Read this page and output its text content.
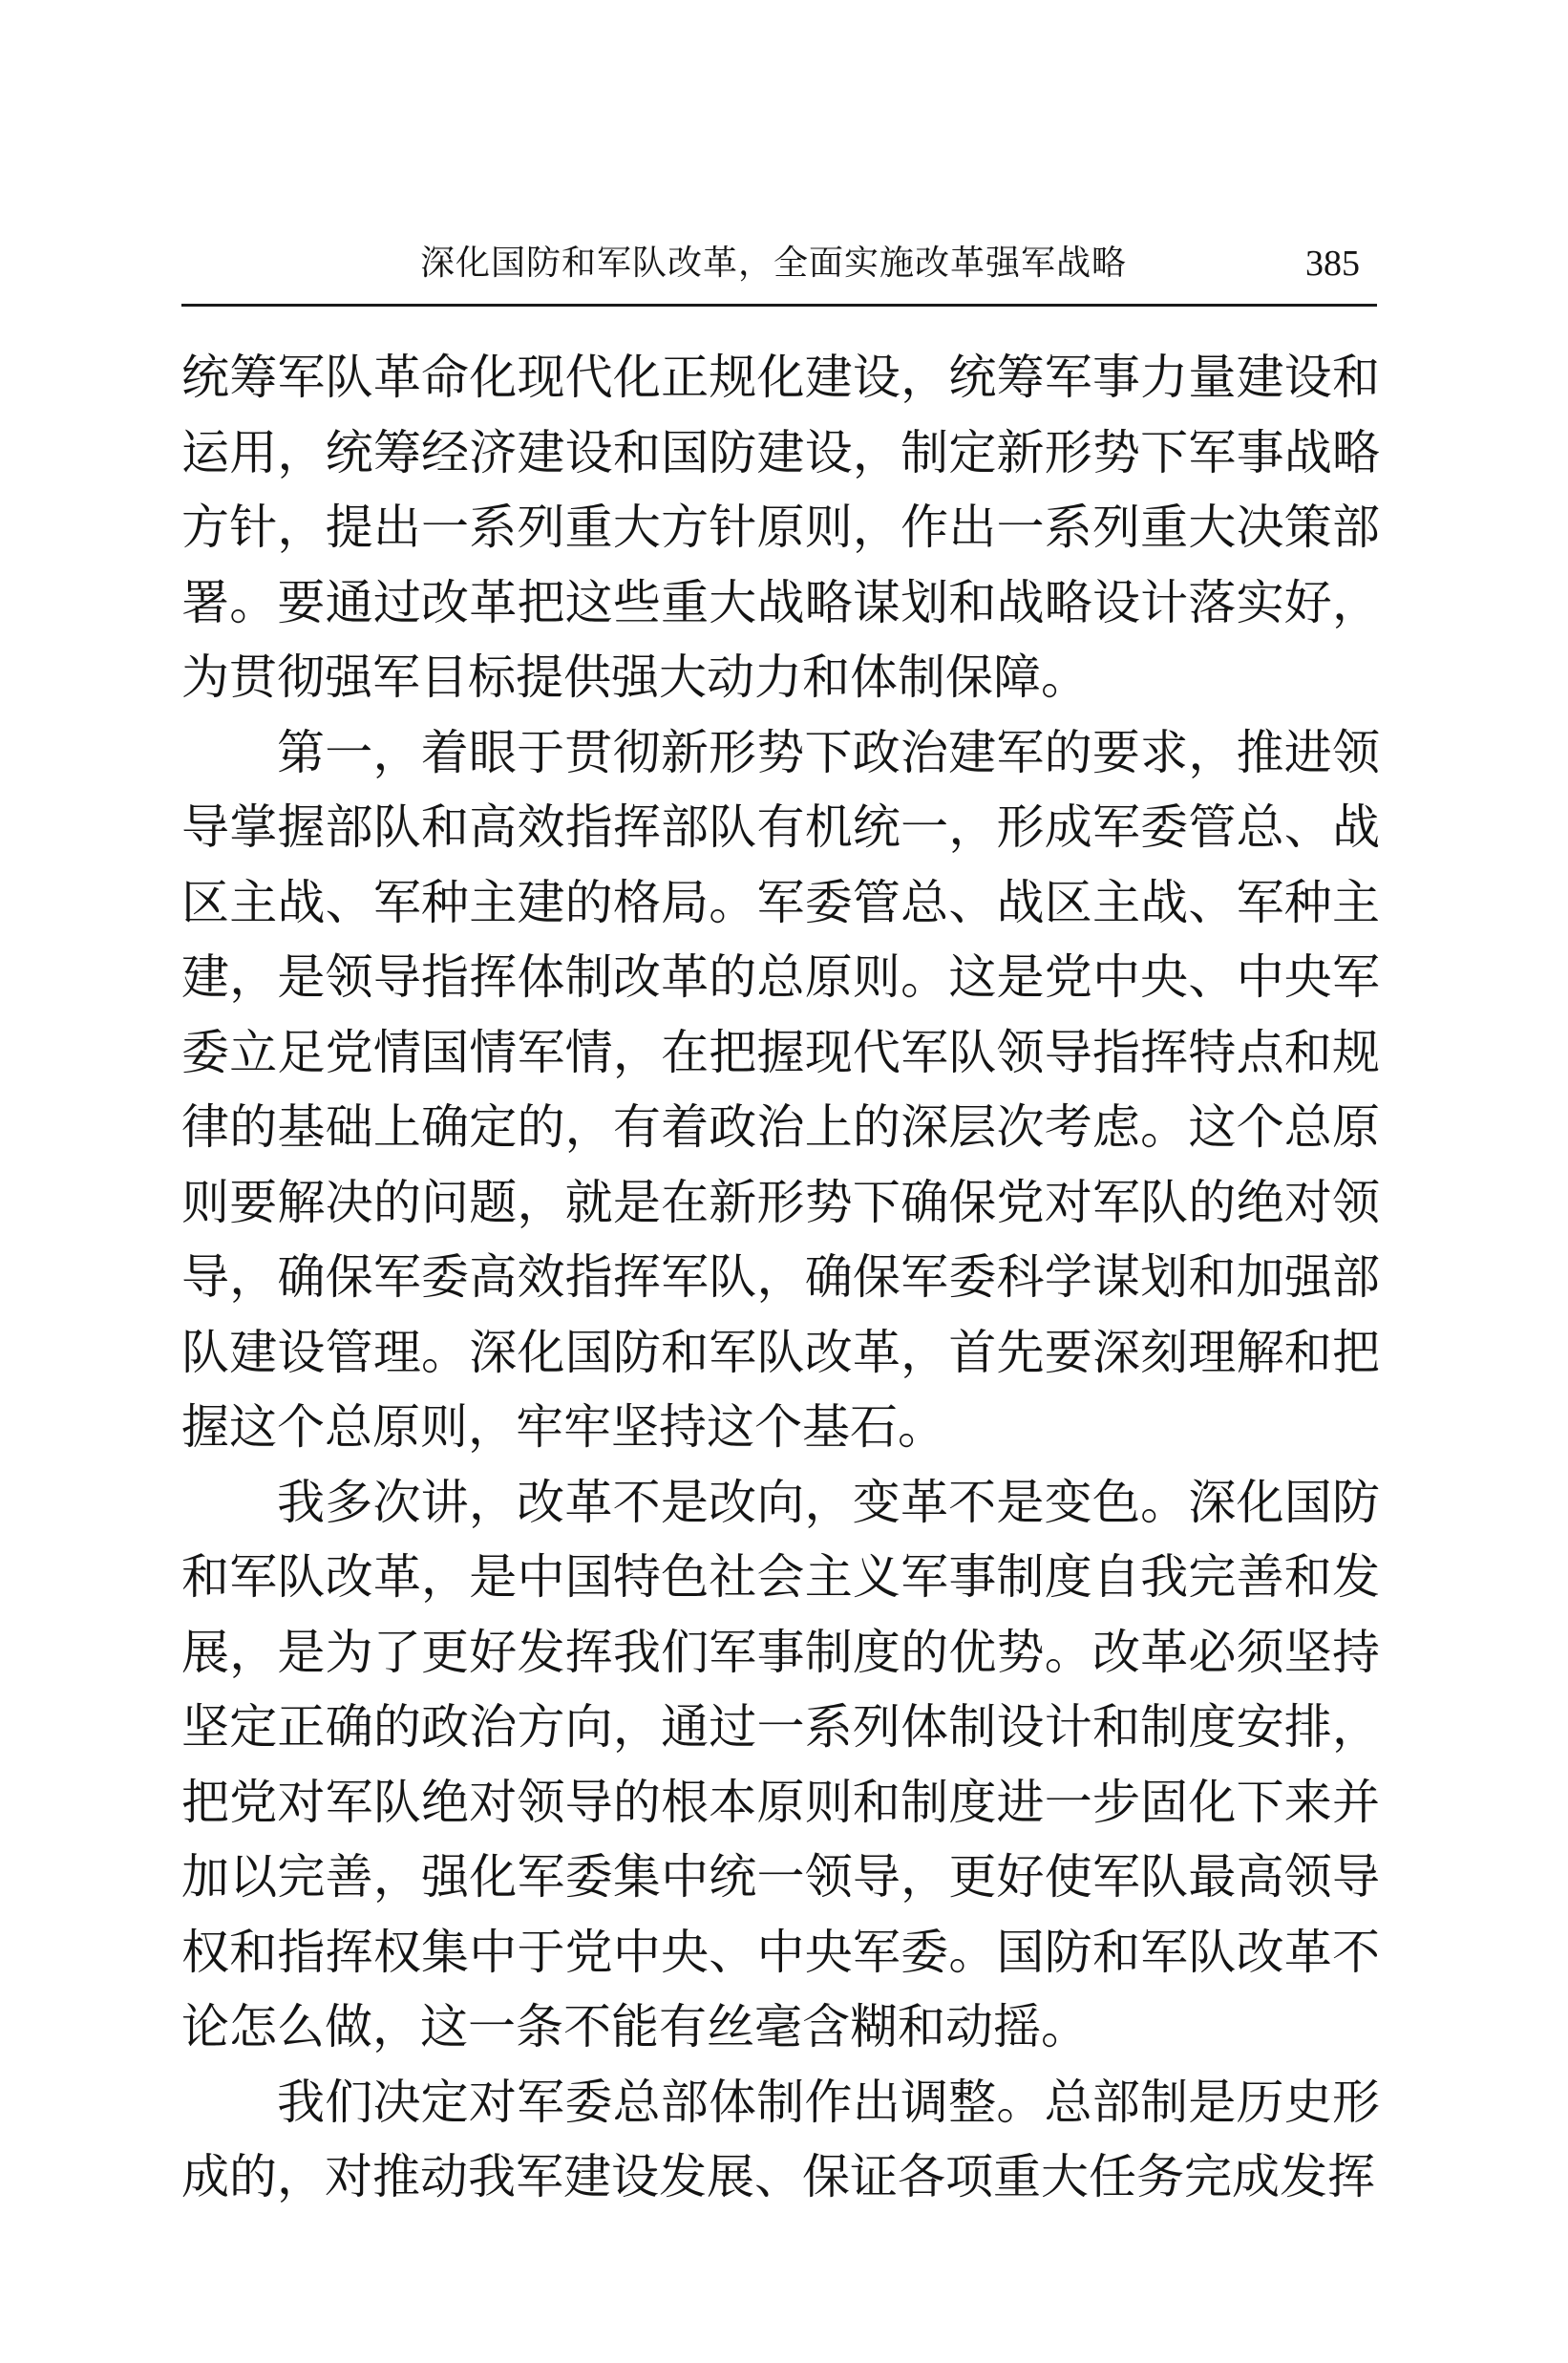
深化国防和军队改革，全面实施改革强军战略	385

统筹军队革命化现代化正规化建设，统筹军事力量建设和运用，统筹经济建设和国防建设，制定新形势下军事战略方针，提出一系列重大方针原则，作出一系列重大决策部署。要通过改革把这些重大战略谋划和战略设计落实好，为贯彻强军目标提供强大动力和体制保障。

第一，着眼于贯彻新形势下政治建军的要求，推进领导掌握部队和高效指挥部队有机统一，形成军委管总、战区主战、军种主建的格局。军委管总、战区主战、军种主建，是领导指挥体制改革的总原则。这是党中央、中央军委立足党情国情军情，在把握现代军队领导指挥特点和规律的基础上确定的，有着政治上的深层次考虑。这个总原则要解决的问题，就是在新形势下确保党对军队的绝对领导，确保军委高效指挥军队，确保军委科学谋划和加强部队建设管理。深化国防和军队改革，首先要深刻理解和把握这个总原则，牢牢坚持这个基石。

我多次讲，改革不是改向，变革不是变色。深化国防和军队改革，是中国特色社会主义军事制度自我完善和发展，是为了更好发挥我们军事制度的优势。改革必须坚持坚定正确的政治方向，通过一系列体制设计和制度安排，把党对军队绝对领导的根本原则和制度进一步固化下来并加以完善，强化军委集中统一领导，更好使军队最高领导权和指挥权集中于党中央、中央军委。国防和军队改革不论怎么做，这一条不能有丝毫含糊和动摇。

我们决定对军委总部体制作出调整。总部制是历史形成的，对推动我军建设发展、保证各项重大任务完成发挥
